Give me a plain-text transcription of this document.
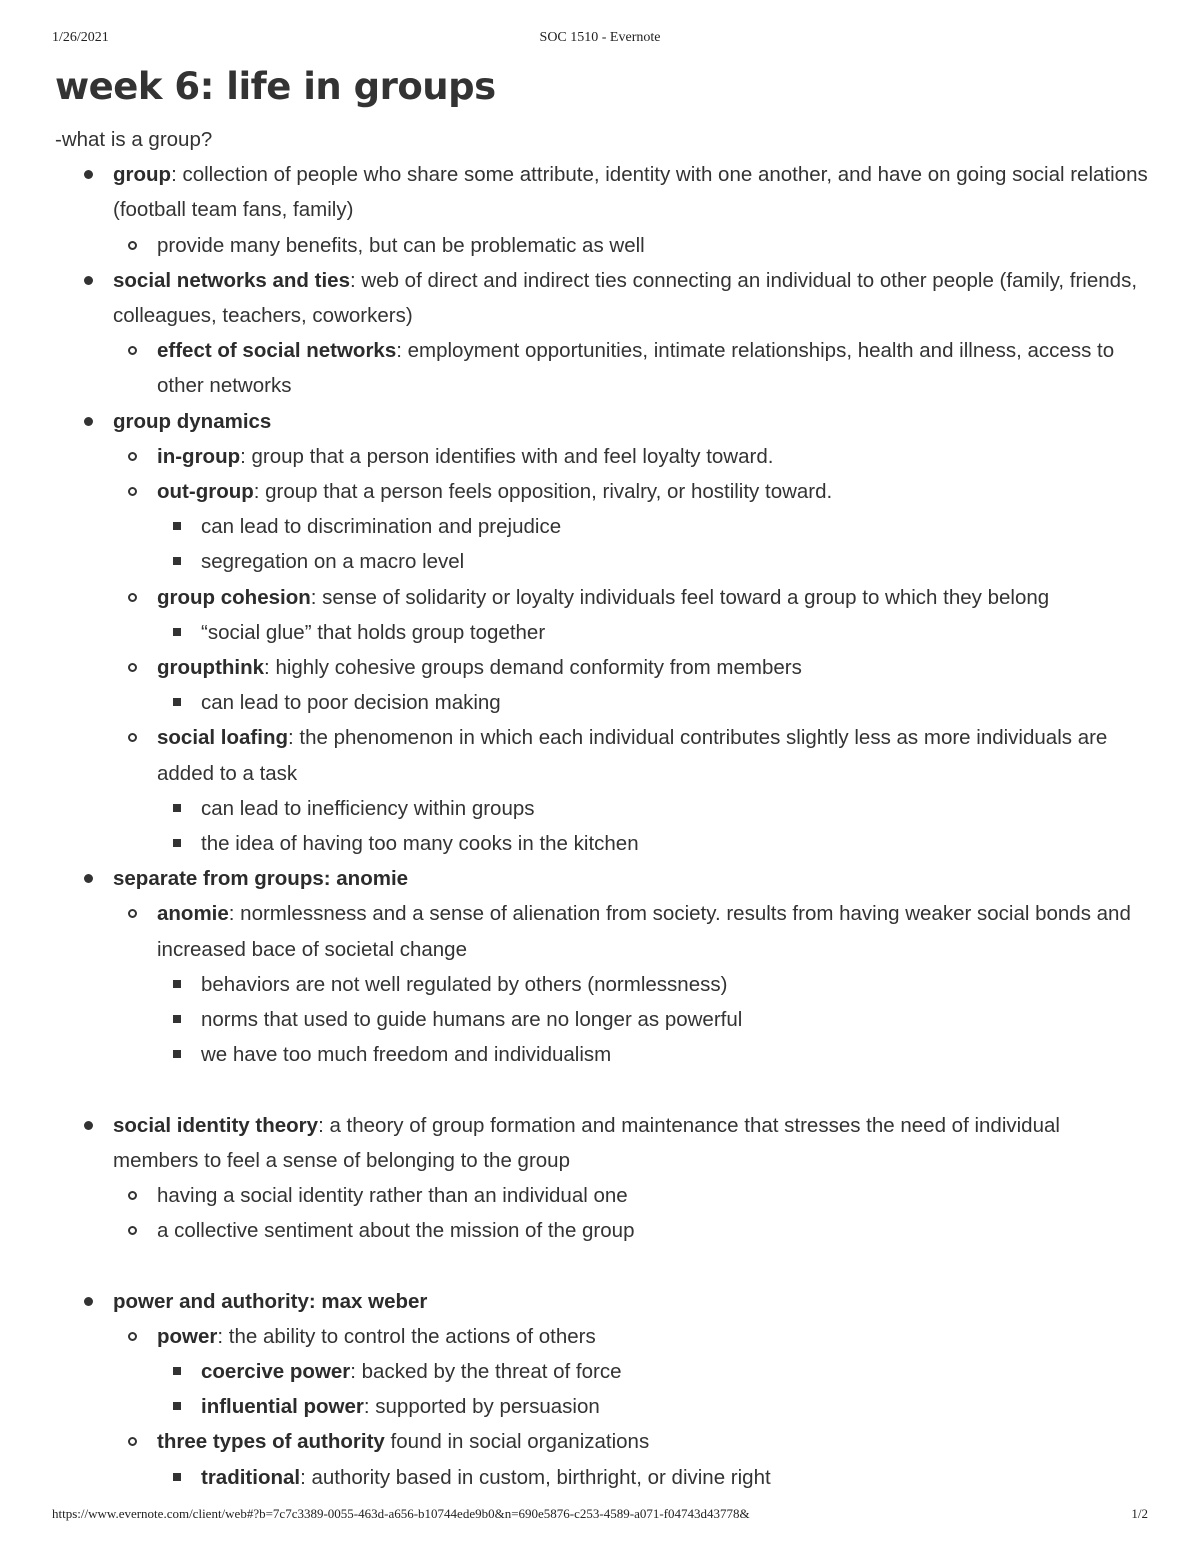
1/26/2021	SOC 1510 - Evernote
week 6: life in groups

-what is a group?

group: collection of people who share some attribute, identity with one another, and have on going social relations (football team fans, family)
provide many benefits, but can be problematic as well
social networks and ties: web of direct and indirect ties connecting an individual to other people (family, friends, colleagues, teachers, coworkers)
effect of social networks: employment opportunities, intimate relationships, health and illness, access to other networks
group dynamics
in-group: group that a person identifies with and feel loyalty toward.
out-group: group that a person feels opposition, rivalry, or hostility toward.
can lead to discrimination and prejudice
segregation on a macro level
group cohesion: sense of solidarity or loyalty individuals feel toward a group to which they belong
“social glue” that holds group together
groupthink: highly cohesive groups demand conformity from members
can lead to poor decision making
social loafing: the phenomenon in which each individual contributes slightly less as more individuals are added to a task
can lead to inefficiency within groups
the idea of having too many cooks in the kitchen
separate from groups: anomie
anomie: normlessness and a sense of alienation from society. results from having weaker social bonds and increased bace of societal change
behaviors are not well regulated by others (normlessness)
norms that used to guide humans are no longer as powerful
we have too much freedom and individualism
social identity theory: a theory of group formation and maintenance that stresses the need of individual members to feel a sense of belonging to the group
having a social identity rather than an individual one
a collective sentiment about the mission of the group
power and authority: max weber
power: the ability to control the actions of others
coercive power: backed by the threat of force
influential power: supported by persuasion
three types of authority found in social organizations
traditional: authority based in custom, birthright, or divine right
https://www.evernote.com/client/web#?b=7c7c3389-0055-463d-a656-b10744ede9b0&n=690e5876-c253-4589-a071-f04743d43778&	1/2
